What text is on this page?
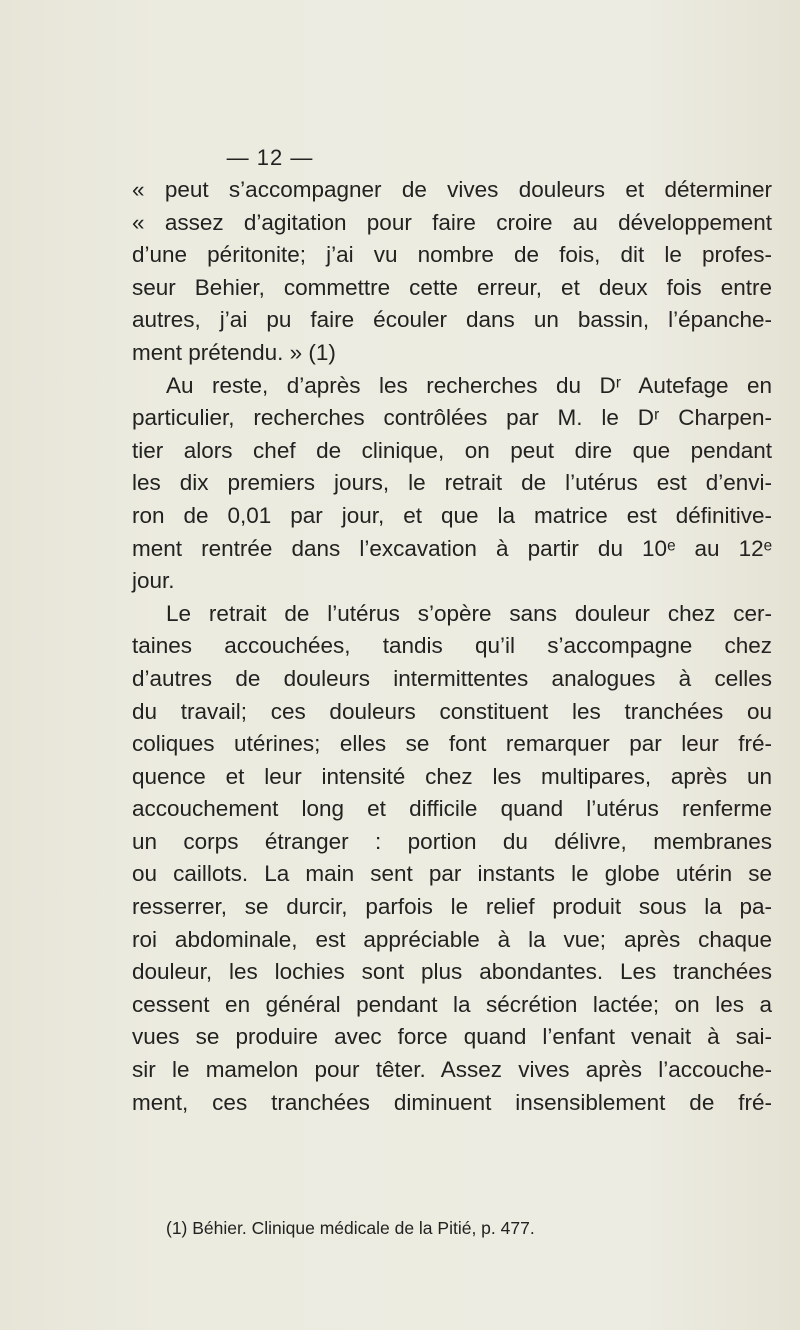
— 12 —

« peut s’accompagner de vives douleurs et déterminer
« assez d’agitation pour faire croire au développement
d’une péritonite; j’ai vu nombre de fois, dit le profes-
seur Behier, commettre cette erreur, et deux fois entre
autres, j’ai pu faire écouler dans un bassin, l’épanche-
ment prétendu. » (1)

Au reste, d’après les recherches du Dʳ Autefage en
particulier, recherches contrôlées par M. le Dʳ Charpen-
tier alors chef de clinique, on peut dire que pendant
les dix premiers jours, le retrait de l’utérus est d’envi-
ron de 0,01 par jour, et que la matrice est définitive-
ment rentrée dans l’excavation à partir du 10ᵉ au 12ᵉ
jour.

Le retrait de l’utérus s’opère sans douleur chez cer-
taines accouchées, tandis qu’il s’accompagne chez
d’autres de douleurs intermittentes analogues à celles
du travail; ces douleurs constituent les tranchées ou
coliques utérines; elles se font remarquer par leur fré-
quence et leur intensité chez les multipares, après un
accouchement long et difficile quand l’utérus renferme
un corps étranger : portion du délivre, membranes
ou caillots. La main sent par instants le globe utérin se
resserrer, se durcir, parfois le relief produit sous la pa-
roi abdominale, est appréciable à la vue; après chaque
douleur, les lochies sont plus abondantes. Les tranchées
cessent en général pendant la sécrétion lactée; on les a
vues se produire avec force quand l’enfant venait à sai-
sir le mamelon pour têter. Assez vives après l’accouche-
ment, ces tranchées diminuent insensiblement de fré-

(1) Béhier. Clinique médicale de la Pitié, p. 477.
